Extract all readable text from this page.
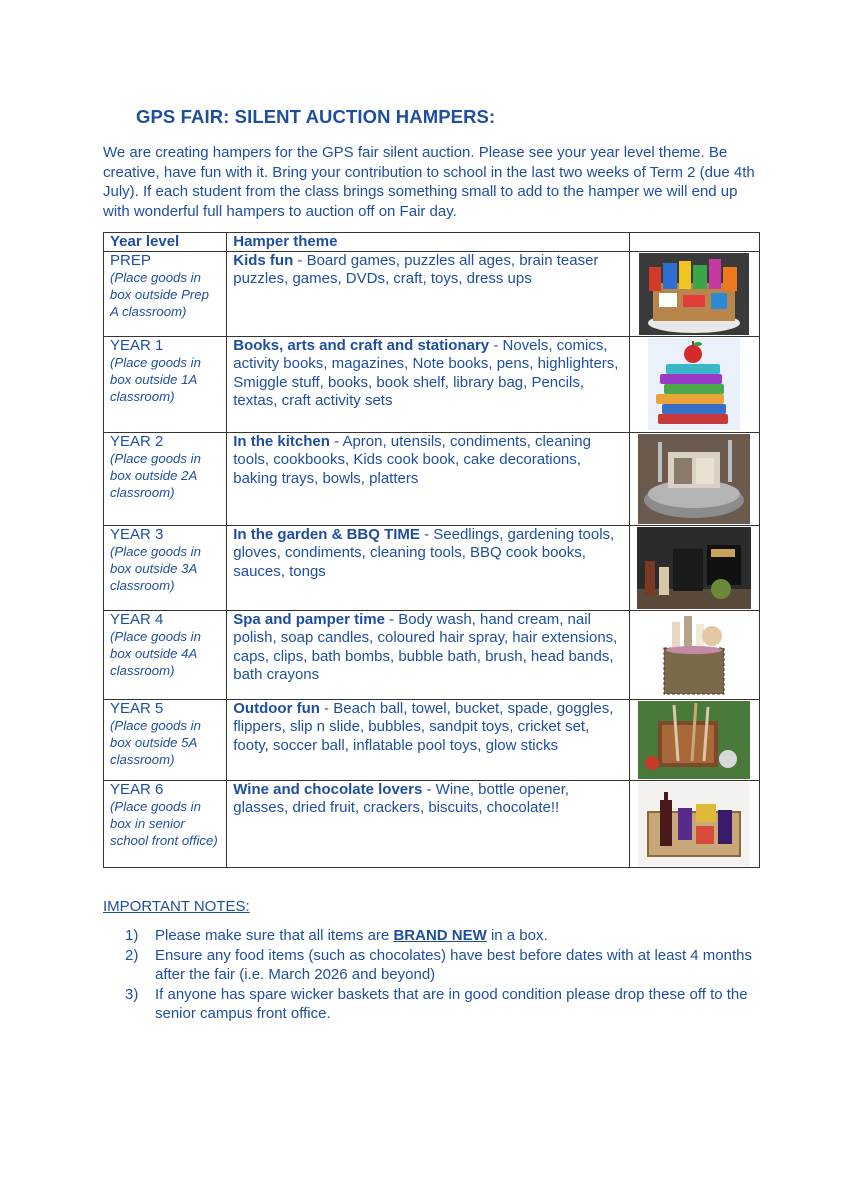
GPS FAIR: SILENT AUCTION HAMPERS:

We are creating hampers for the GPS fair silent auction. Please see your year level theme. Be creative, have fun with it. Bring your contribution to school in the last two weeks of Term 2 (due 4th July). If each student from the class brings something small to add to the hamper we will end up with wonderful full hampers to auction off on Fair day.

Year level	Hamper theme	

PREP
(Place goods in box outside Prep A classroom)	Kids fun - Board games, puzzles all ages, brain teaser puzzles, games, DVDs, craft, toys, dress ups	

YEAR 1
(Place goods in box outside 1A classroom)	Books, arts and craft and stationary - Novels, comics, activity books, magazines, Note books, pens, highlighters, Smiggle stuff, books, book shelf, library bag, Pencils, textas, craft activity sets	

YEAR 2
(Place goods in box outside 2A classroom)	In the kitchen - Apron, utensils, condiments, cleaning tools, cookbooks, Kids cook book, cake decorations, baking trays, bowls, platters	

YEAR 3
(Place goods in box outside 3A classroom)	In the garden & BBQ TIME - Seedlings, gardening tools, gloves, condiments, cleaning tools, BBQ cook books, sauces, tongs	

YEAR 4
(Place goods in box outside 4A classroom)	Spa and pamper time - Body wash, hand cream, nail polish, soap candles, coloured hair spray, hair extensions, caps, clips, bath bombs, bubble bath, brush, head bands, bath crayons	

YEAR 5
(Place goods in box outside 5A classroom)	Outdoor fun - Beach ball, towel, bucket, spade, goggles, flippers, slip n slide, bubbles, sandpit toys, cricket set, footy, soccer ball, inflatable pool toys, glow sticks	

YEAR 6
(Place goods in box in senior school front office)	Wine and chocolate lovers - Wine, bottle opener, glasses, dried fruit, crackers, biscuits, chocolate!!	

IMPORTANT NOTES:

1) Please make sure that all items are BRAND NEW in a box.
2) Ensure any food items (such as chocolates) have best before dates with at least 4 months after the fair (i.e. March 2026 and beyond)
3) If anyone has spare wicker baskets that are in good condition please drop these off to the senior campus front office.
